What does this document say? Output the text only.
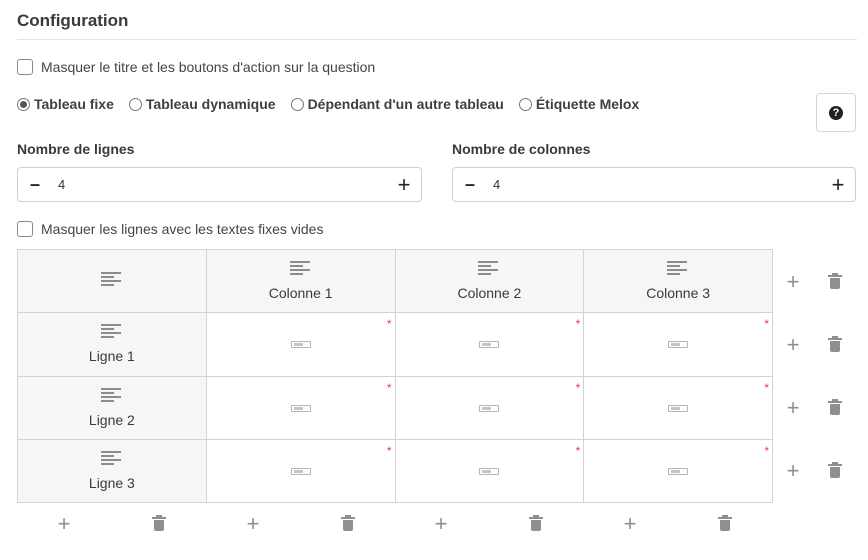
Configuration
Masquer le titre et les boutons d'action sur la question
Tableau fixe Tableau dynamique Dépendant d'un autre tableau Étiquette Melox
?
Nombre de lignes
–	4	+
Nombre de colonnes
–	4	+
Masquer les lignes avec les textes fixes vides

	Colonne 1	Colonne 2	Colonne 3

Ligne 1	*	*	*

Ligne 2	*	*	*

Ligne 3	*	*	*
+
+
+
+
+	+	+	+
